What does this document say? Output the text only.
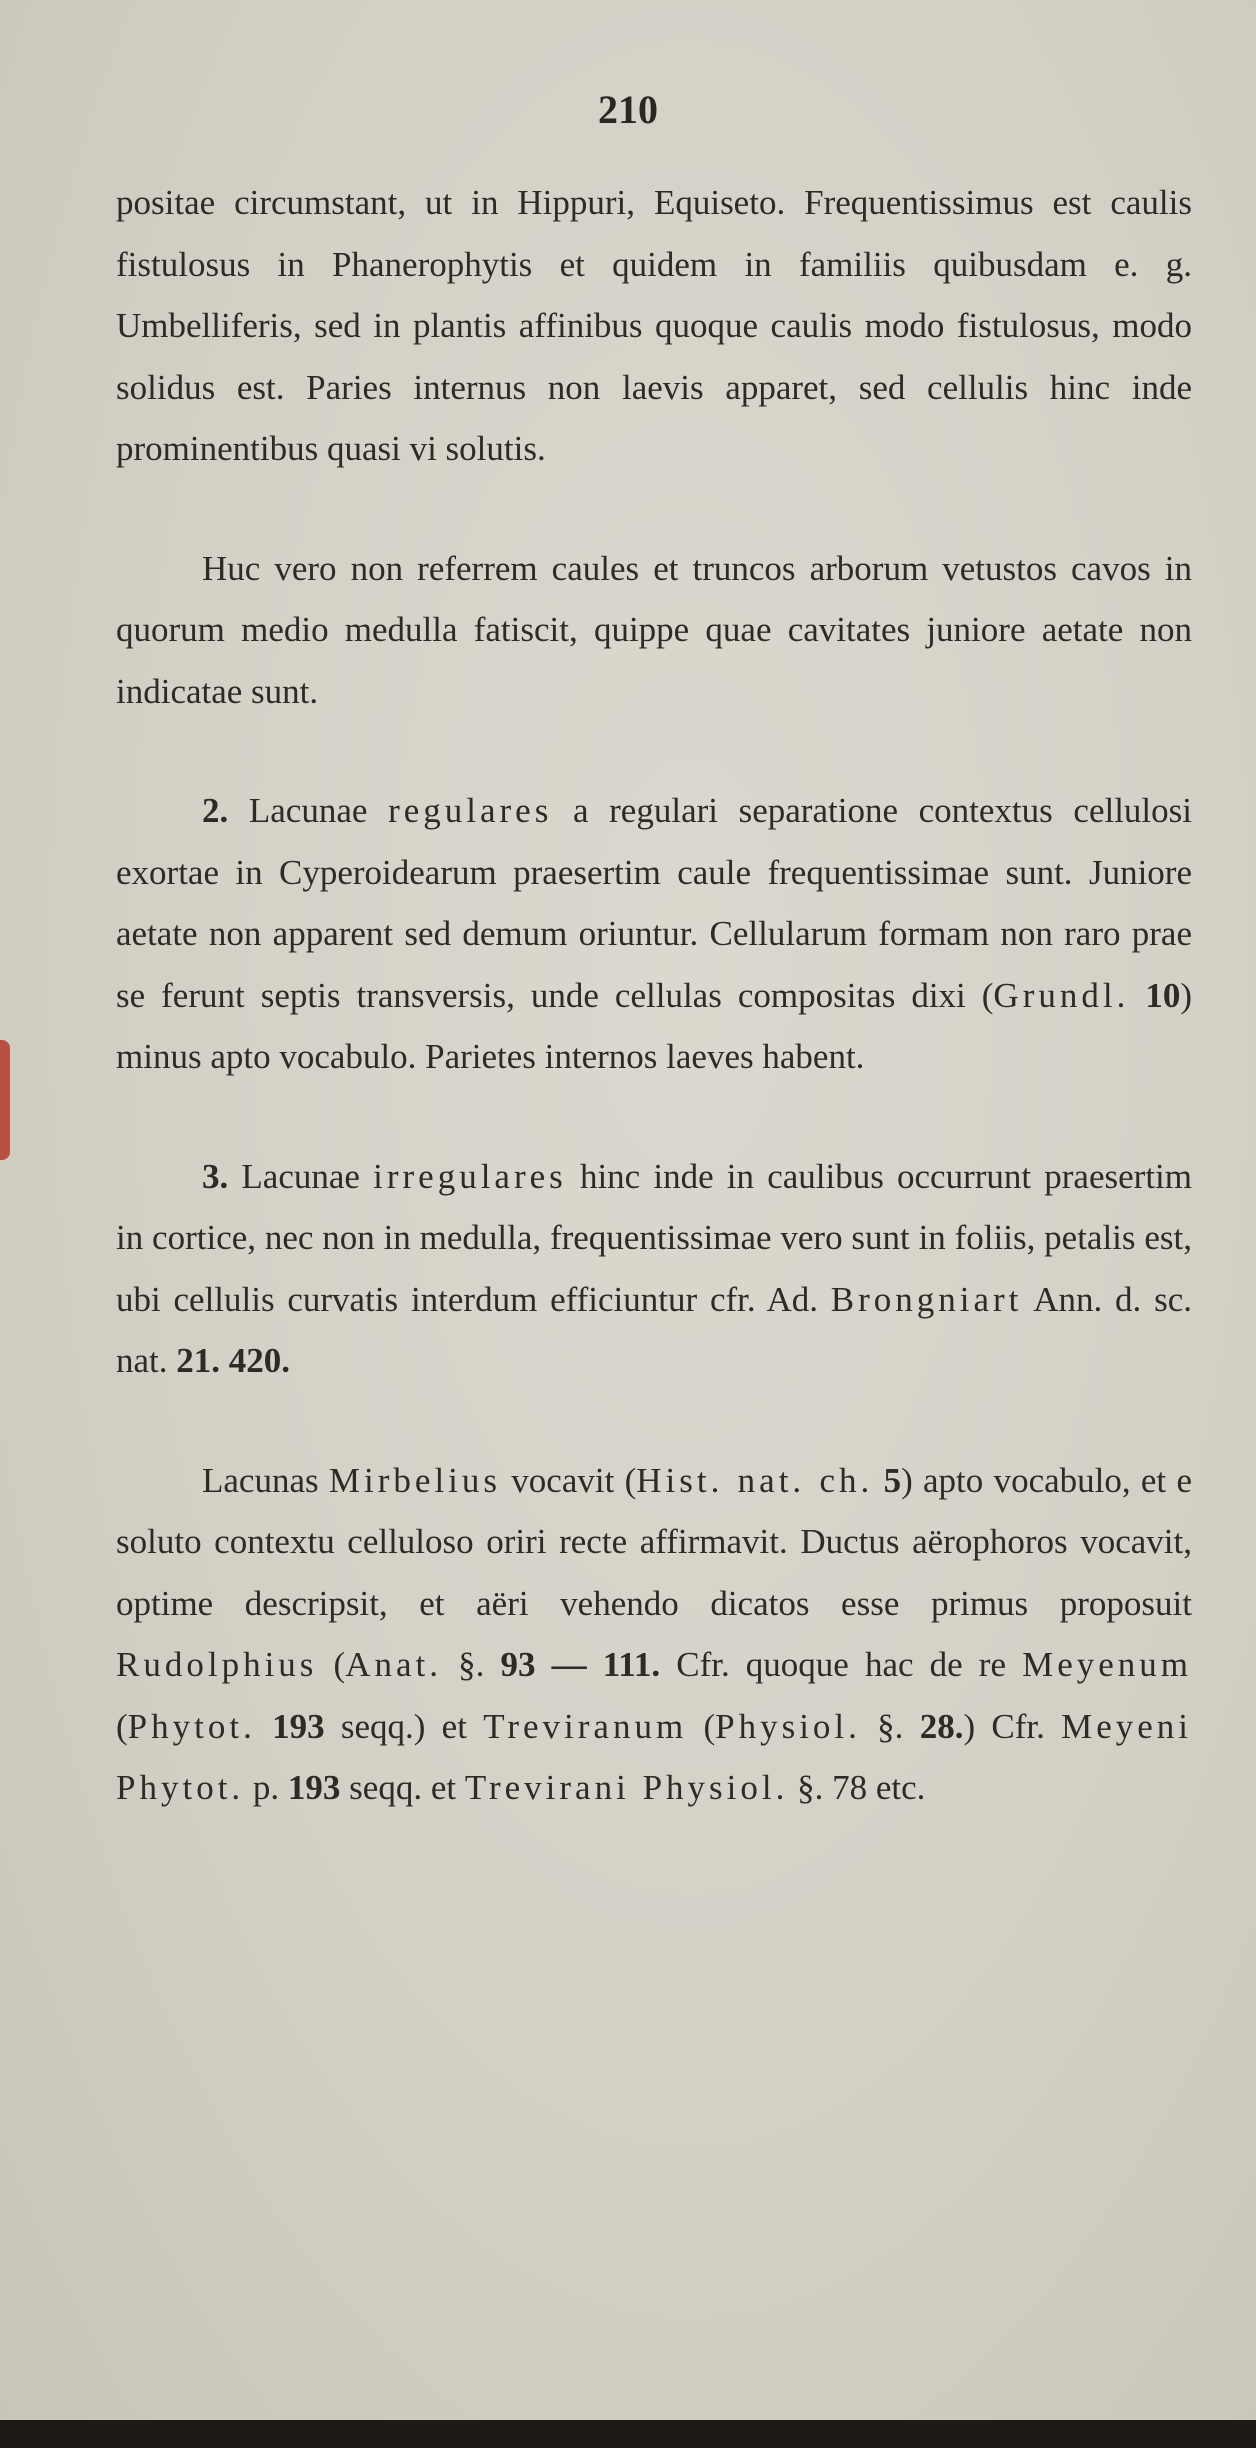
210

positae circumstant, ut in Hippuri, Equiseto. Frequentissimus est caulis fistulosus in Phanerophytis et quidem in familiis quibusdam e. g. Umbelliferis, sed in plantis affinibus quoque caulis modo fistulosus, modo solidus est. Paries internus non laevis apparet, sed cellulis hinc inde prominentibus quasi vi solutis.

Huc vero non referrem caules et truncos arborum vetustos cavos in quorum medio medulla fatiscit, quippe quae cavitates juniore aetate non indicatae sunt.

2. Lacunae regulares a regulari separatione contextus cellulosi exortae in Cyperoidearum praesertim caule frequentissimae sunt. Juniore aetate non apparent sed demum oriuntur. Cellularum formam non raro prae se ferunt septis transversis, unde cellulas compositas dixi (Grundl. 10) minus apto vocabulo. Parietes internos laeves habent.

3. Lacunae irregulares hinc inde in caulibus occurrunt praesertim in cortice, nec non in medulla, frequentissimae vero sunt in foliis, petalis est, ubi cellulis curvatis interdum efficiuntur cfr. Ad. Brongniart Ann. d. sc. nat. 21. 420.

Lacunas Mirbelius vocavit (Hist. nat. ch. 5) apto vocabulo, et e soluto contextu celluloso oriri recte affirmavit. Ductus aërophoros vocavit, optime descripsit, et aëri vehendo dicatos esse primus proposuit Rudolphius (Anat. §. 93 — 111. Cfr. quoque hac de re Meyenum (Phytot. 193 seqq.) et Treviranum (Physiol. §. 28.) Cfr. Meyeni Phytot. p. 193 seqq. et Trevirani Physiol. §. 78 etc.
